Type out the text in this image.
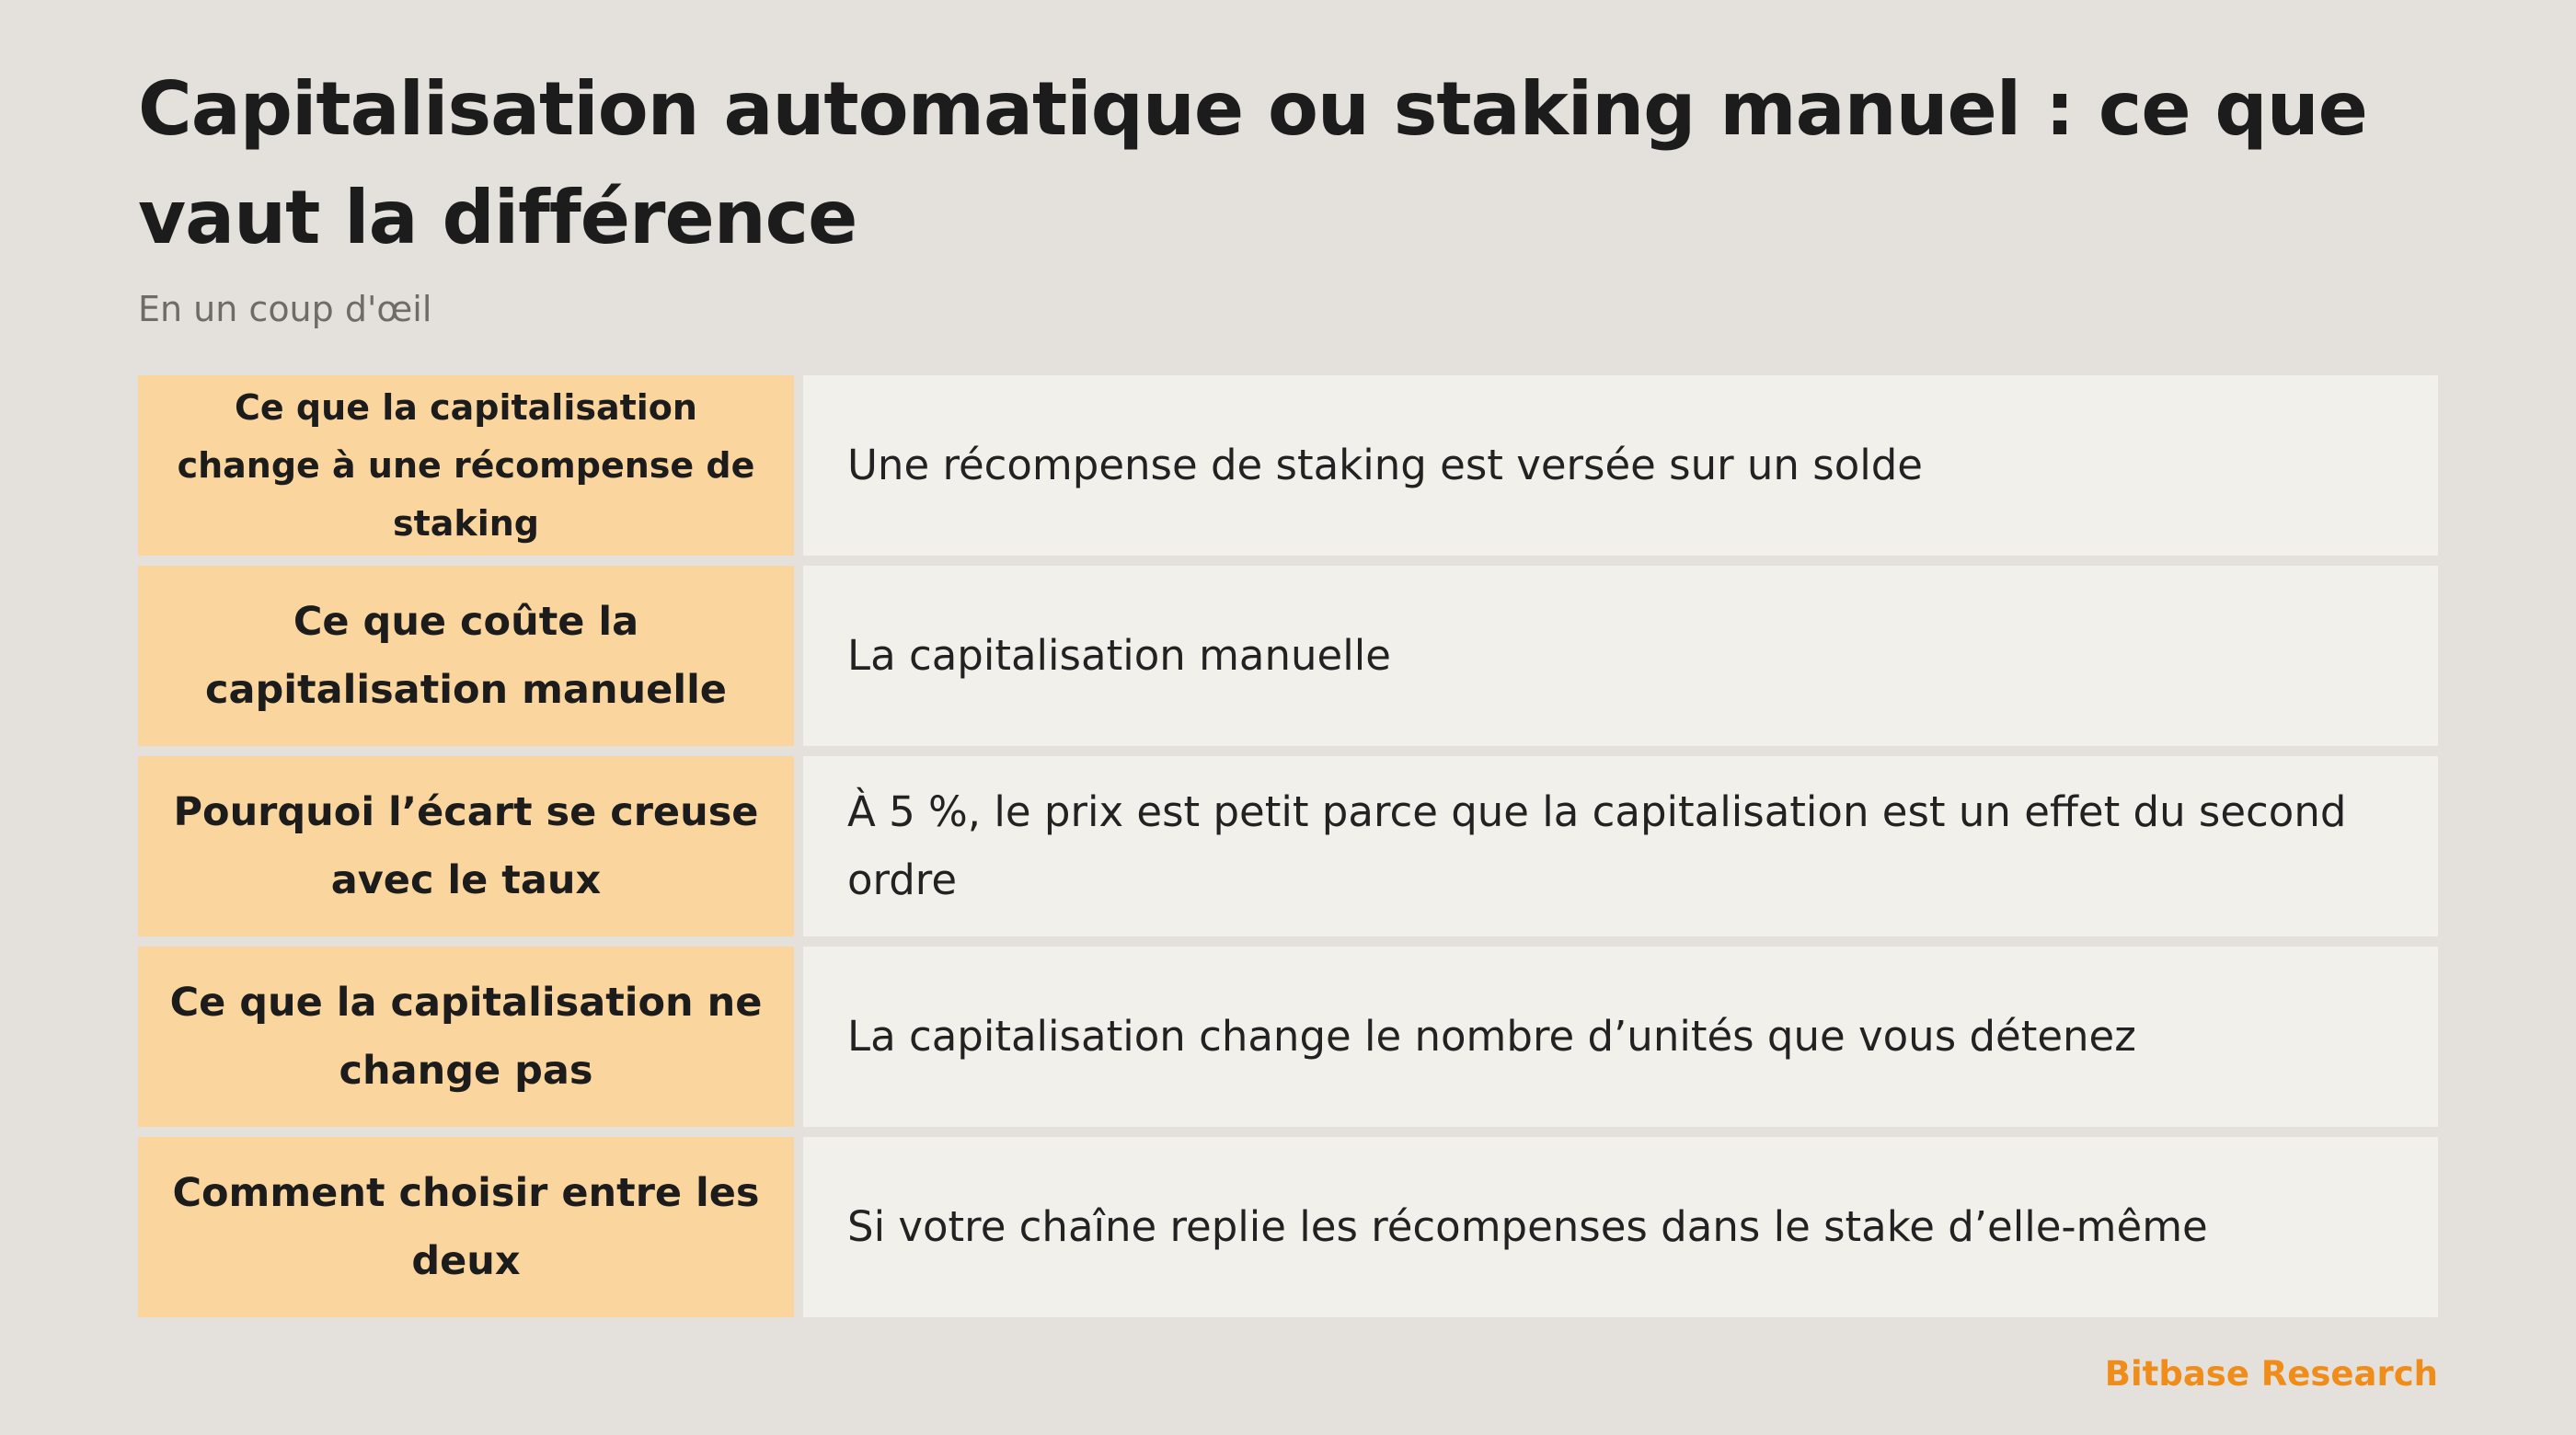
Capitalisation automatique ou staking manuel : ce que vaut la différence

En un coup d'œil

Ce que la capitalisation change à une récompense de staking
Une récompense de staking est versée sur un solde
Ce que coûte la capitalisation manuelle
La capitalisation manuelle
Pourquoi l’écart se creuse avec le taux
À 5 %, le prix est petit parce que la capitalisation est un effet du second ordre
Ce que la capitalisation ne change pas
La capitalisation change le nombre d’unités que vous détenez
Comment choisir entre les deux
Si votre chaîne replie les récompenses dans le stake d’elle-même

Bitbase Research
